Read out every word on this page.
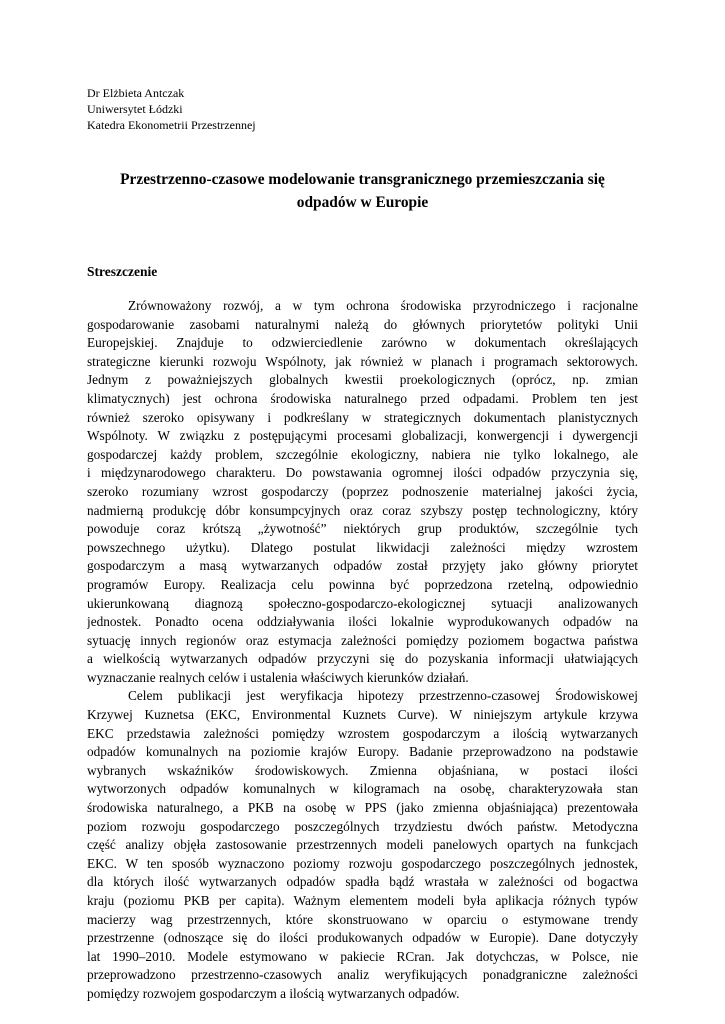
Dr Elżbieta Antczak
Uniwersytet Łódzki
Katedra Ekonometrii Przestrzennej
Przestrzenno-czasowe modelowanie transgranicznego przemieszczania się
odpadów w Europie
Streszczenie
Zrównoważony rozwój, a w tym ochrona środowiska przyrodniczego i racjonalne
gospodarowanie zasobami naturalnymi należą do głównych priorytetów polityki Unii
Europejskiej. Znajduje to odzwierciedlenie zarówno w dokumentach określających
strategiczne kierunki rozwoju Wspólnoty, jak również w planach i programach sektorowych.
Jednym z poważniejszych globalnych kwestii proekologicznych (oprócz, np. zmian
klimatycznych) jest ochrona środowiska naturalnego przed odpadami. Problem ten jest
również szeroko opisywany i podkreślany w strategicznych dokumentach planistycznych
Wspólnoty. W związku z postępującymi procesami globalizacji, konwergencji i dywergencji
gospodarczej każdy problem, szczególnie ekologiczny, nabiera nie tylko lokalnego, ale
i międzynarodowego charakteru. Do powstawania ogromnej ilości odpadów przyczynia się,
szeroko rozumiany wzrost gospodarczy (poprzez podnoszenie materialnej jakości życia,
nadmierną produkcję dóbr konsumpcyjnych oraz coraz szybszy postęp technologiczny, który
powoduje coraz krótszą „żywotność” niektórych grup produktów, szczególnie tych
powszechnego użytku). Dlatego postulat likwidacji zależności między wzrostem
gospodarczym a masą wytwarzanych odpadów został przyjęty jako główny priorytet
programów Europy. Realizacja celu powinna być poprzedzona rzetelną, odpowiednio
ukierunkowaną diagnozą społeczno-gospodarczo-ekologicznej sytuacji analizowanych
jednostek. Ponadto ocena oddziaływania ilości lokalnie wyprodukowanych odpadów na
sytuację innych regionów oraz estymacja zależności pomiędzy poziomem bogactwa państwa
a wielkością wytwarzanych odpadów przyczyni się do pozyskania informacji ułatwiających
wyznaczanie realnych celów i ustalenia właściwych kierunków działań.
Celem publikacji jest weryfikacja hipotezy przestrzenno-czasowej Środowiskowej
Krzywej Kuznetsa (EKC, Environmental Kuznets Curve). W niniejszym artykule krzywa
EKC przedstawia zależności pomiędzy wzrostem gospodarczym a ilością wytwarzanych
odpadów komunalnych na poziomie krajów Europy. Badanie przeprowadzono na podstawie
wybranych wskaźników środowiskowych. Zmienna objaśniana, w postaci ilości
wytworzonych odpadów komunalnych w kilogramach na osobę, charakteryzowała stan
środowiska naturalnego, a PKB na osobę w PPS (jako zmienna objaśniająca) prezentowała
poziom rozwoju gospodarczego poszczególnych trzydziestu dwóch państw. Metodyczna
część analizy objęła zastosowanie przestrzennych modeli panelowych opartych na funkcjach
EKC. W ten sposób wyznaczono poziomy rozwoju gospodarczego poszczególnych jednostek,
dla których ilość wytwarzanych odpadów spadła bądź wrastała w zależności od bogactwa
kraju (poziomu PKB per capita). Ważnym elementem modeli była aplikacja różnych typów
macierzy wag przestrzennych, które skonstruowano w oparciu o estymowane trendy
przestrzenne (odnoszące się do ilości produkowanych odpadów w Europie). Dane dotyczyły
lat 1990–2010. Modele estymowano w pakiecie RCran. Jak dotychczas, w Polsce, nie
przeprowadzono przestrzenno-czasowych analiz weryfikujących ponadgraniczne zależności
pomiędzy rozwojem gospodarczym a ilością wytwarzanych odpadów.
